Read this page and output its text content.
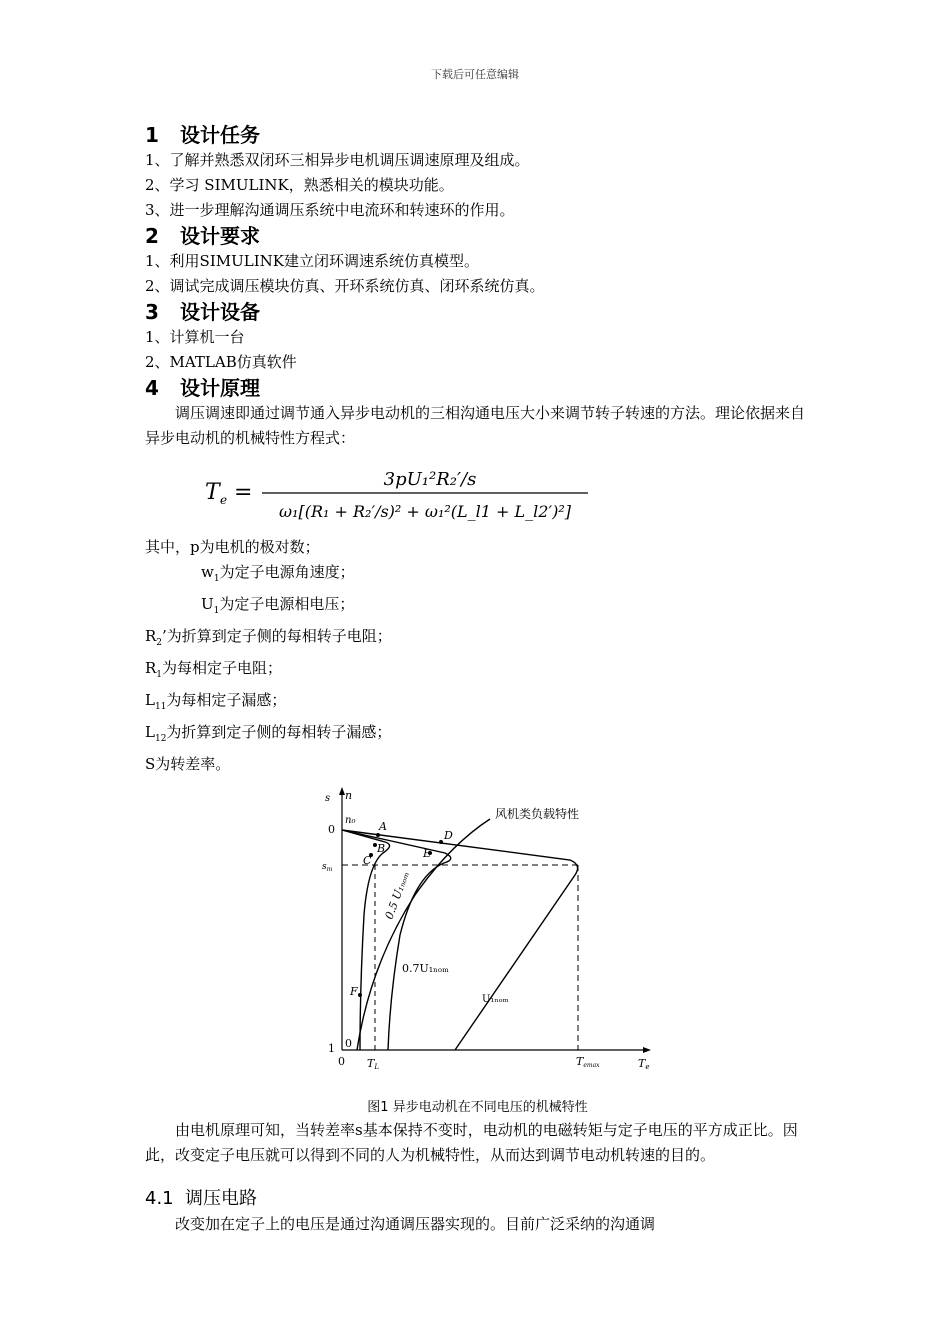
下载后可任意编辑
1 设计任务

1、了解并熟悉双闭环三相异步电机调压调速原理及组成。

2、学习 SIMULINK，熟悉相关的模块功能。

3、进一步理解沟通调压系统中电流环和转速环的作用。

2 设计要求

1、利用SIMULINK建立闭环调速系统仿真模型。

2、调试完成调压模块仿真、开环系统仿真、闭环系统仿真。

3 设计设备

1、计算机一台

2、MATLAB仿真软件

4 设计原理

调压调速即通过调节通入异步电动机的三相沟通电压大小来调节转子转速的方法。理论依据来自异步电动机的机械特性方程式：

T e =
3pU₁²R₂′/s
ω₁[(R₁ + R₂′/s)² + ω₁²(L_l1 + L_l2′)²]

其中，p为电机的极对数；

$w_1$为定子电源角速度；

$U_1$为定子电源相电压；

$R_2$’为折算到定子侧的每相转子电阻；

$R_1$为每相定子电阻；

$L_{11}$为每相定子漏感；

$L_{12}$为折算到定子侧的每相转子漏感；

S为转差率。

s n
n₀
0
$s_m$
1 0
0 TL	Temax	Te
A
B
C
D
E
F
风机类负载特性
0.5 U₁ₙₒₘ
0.7U₁ₙₒₘ
U₁ₙₒₘ
图1 异步电动机在不同电压的机械特性

由电机原理可知，当转差率s基本保持不变时，电动机的电磁转矩与定子电压的平方成正比。因此，改变定子电压就可以得到不同的人为机械特性，从而达到调节电动机转速的目的。

4.1 调压电路

改变加在定子上的电压是通过沟通调压器实现的。目前广泛采纳的沟通调
